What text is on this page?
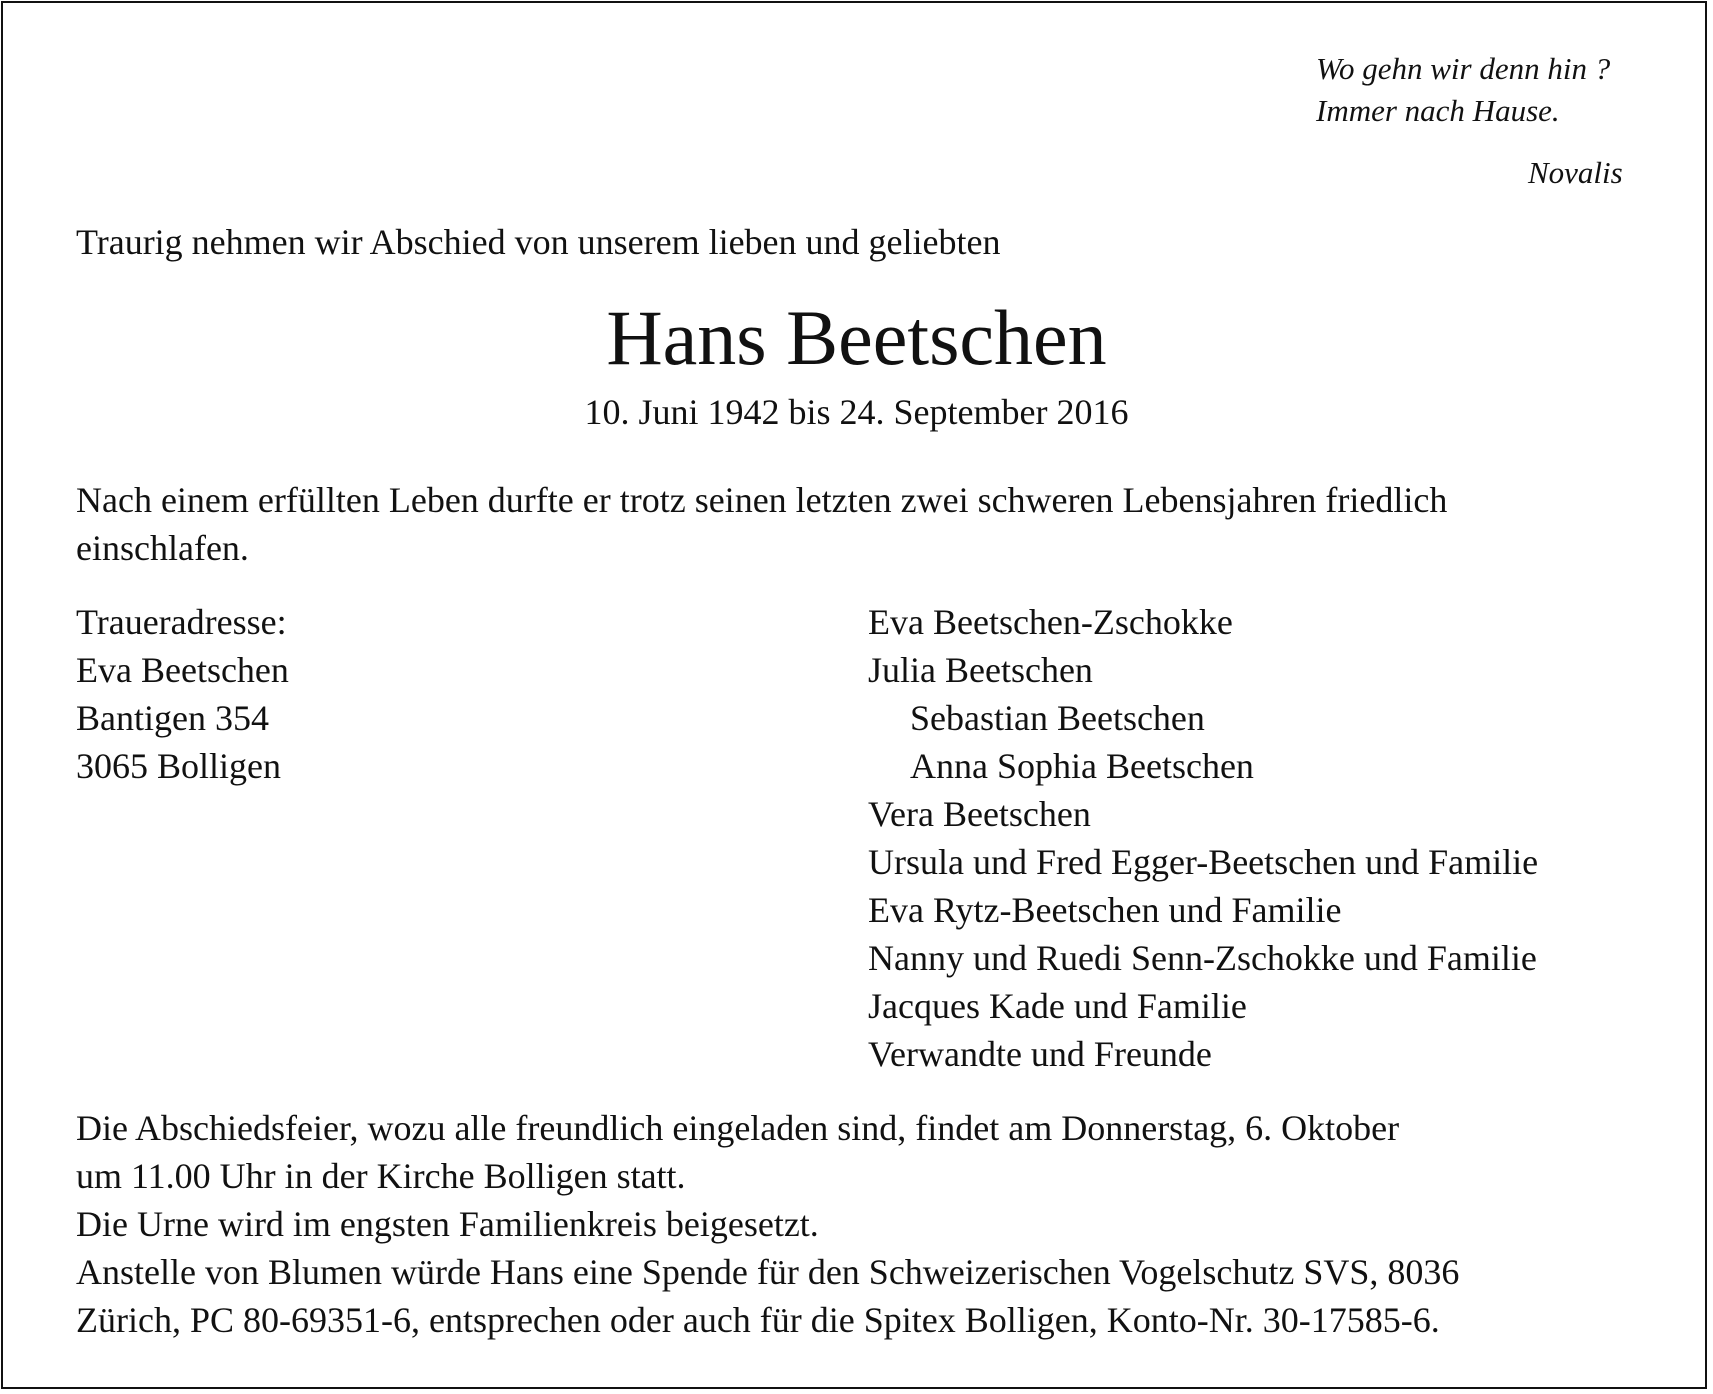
Wo gehn wir denn hin ?
Immer nach Hause.
Novalis
Traurig nehmen wir Abschied von unserem lieben und geliebten
Hans Beetschen
10. Juni 1942 bis 24. September 2016
Nach einem erfüllten Leben durfte er trotz seinen letzten zwei schweren Lebensjahren friedlich
einschlafen.
Traueradresse:
Eva Beetschen
Bantigen 354
3065 Bolligen
Eva Beetschen-Zschokke
Julia Beetschen
Sebastian Beetschen
Anna Sophia Beetschen
Vera Beetschen
Ursula und Fred Egger-Beetschen und Familie
Eva Rytz-Beetschen und Familie
Nanny und Ruedi Senn-Zschokke und Familie
Jacques Kade und Familie
Verwandte und Freunde
Die Abschiedsfeier, wozu alle freundlich eingeladen sind, findet am Donnerstag, 6. Oktober
um 11.00 Uhr in der Kirche Bolligen statt.
Die Urne wird im engsten Familienkreis beigesetzt.
Anstelle von Blumen würde Hans eine Spende für den Schweizerischen Vogelschutz SVS, 8036
Zürich, PC 80-69351-6, entsprechen oder auch für die Spitex Bolligen, Konto-Nr. 30-17585-6.
